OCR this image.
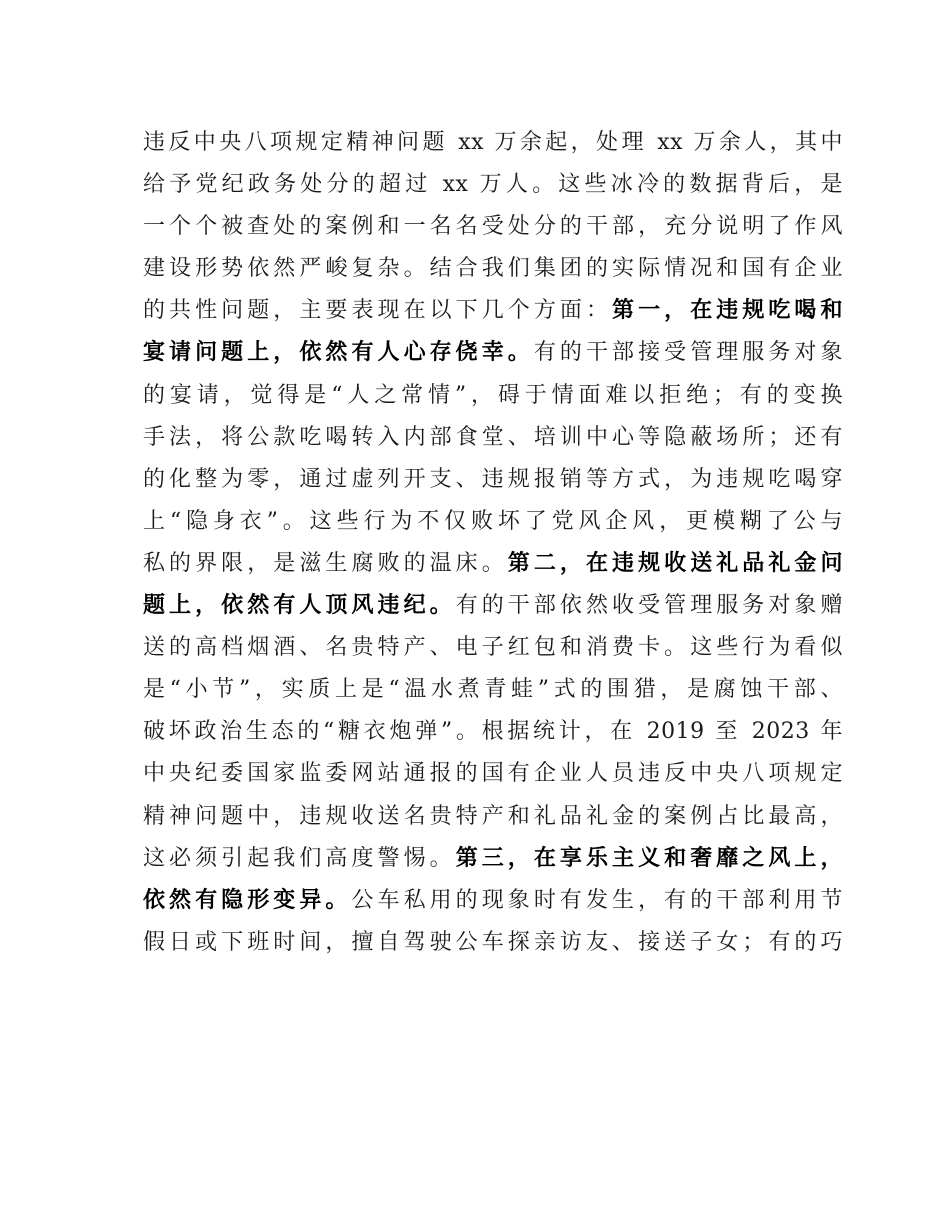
违反中央八项规定精神问题 xx 万余起，处理 xx 万余人，其中
给予党纪政务处分的超过 xx 万人。这些冰冷的数据背后，是
一个个被查处的案例和一名名受处分的干部，充分说明了作风
建设形势依然严峻复杂。结合我们集团的实际情况和国有企业
的共性问题，主要表现在以下几个方面：第一，在违规吃喝和
宴请问题上，依然有人心存侥幸。有的干部接受管理服务对象
的宴请，觉得是“人之常情”，碍于情面难以拒绝；有的变换
手法，将公款吃喝转入内部食堂、培训中心等隐蔽场所；还有
的化整为零，通过虚列开支、违规报销等方式，为违规吃喝穿
上“隐身衣”。这些行为不仅败坏了党风企风，更模糊了公与
私的界限，是滋生腐败的温床。第二，在违规收送礼品礼金问
题上，依然有人顶风违纪。有的干部依然收受管理服务对象赠
送的高档烟酒、名贵特产、电子红包和消费卡。这些行为看似
是“小节”，实质上是“温水煮青蛙”式的围猎，是腐蚀干部、
破坏政治生态的“糖衣炮弹”。根据统计，在 2019 至 2023 年
中央纪委国家监委网站通报的国有企业人员违反中央八项规定
精神问题中，违规收送名贵特产和礼品礼金的案例占比最高，
这必须引起我们高度警惕。第三，在享乐主义和奢靡之风上，
依然有隐形变异。公车私用的现象时有发生，有的干部利用节
假日或下班时间，擅自驾驶公车探亲访友、接送子女；有的巧
